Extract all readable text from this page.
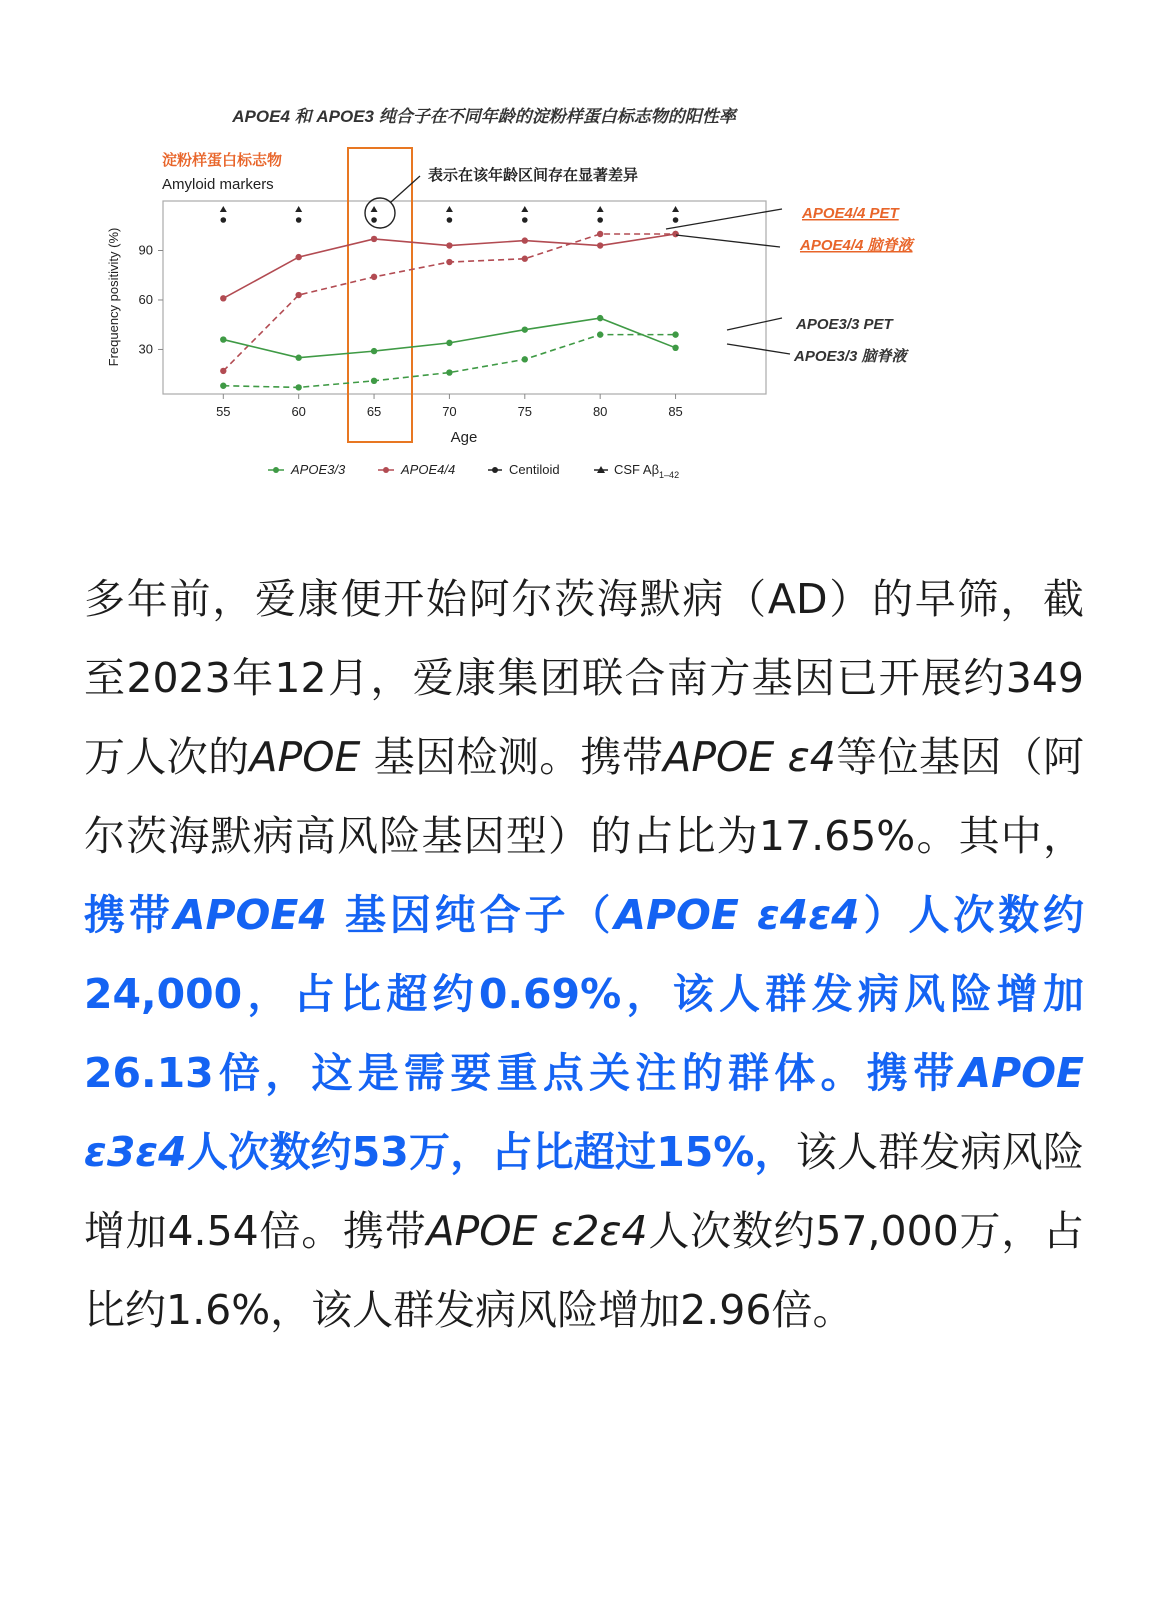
APOE4 和 APOE3 纯合子在不同年龄的淀粉样蛋白标志物的阳性率
淀粉样蛋白标志物
Amyloid markers
30
60
90
55	60	65	70	75	80	85
Frequency positivity (%)
Age
表示在该年龄区间存在显著差异
APOE4/4 PET
APOE4/4 脑脊液
APOE3/3 PET
APOE3/3 脑脊液
APOE3/3	APOE4/4	Centiloid	CSF $A\beta_{1-42}$

多年前，爱康便开始阿尔茨海默病（AD）的早筛，截至2023年12月，爱康集团联合南方基因已开展约349万人次的APOE 基因检测。携带APOE ε4等位基因（阿尔茨海默病高风险基因型）的占比为17.65%。其中，携带APOE4 基因纯合子（APOE ε4ε4）人次数约24,000，占比超约0.69%，该人群发病风险增加26.13倍，这是需要重点关注的群体。携带APOE ε3ε4人次数约53万，占比超过15%，该人群发病风险增加4.54倍。携带APOE ε2ε4人次数约57,000万，占比约1.6%，该人群发病风险增加2.96倍。
